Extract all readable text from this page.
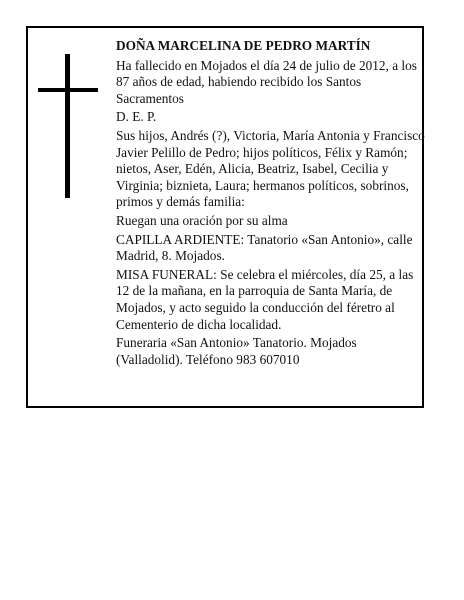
DOÑA MARCELINA DE PEDRO MARTÍN

Ha fallecido en Mojados el día 24 de julio de 2012, a los 87 años de edad, habiendo recibido los Santos Sacramentos

D. E. P.

Sus hijos, Andrés (?), Victoria, María Antonia y Francisco Javier Pelillo de Pedro; hijos políticos, Félix y Ramón; nietos, Aser, Edén, Alicia, Beatriz, Isabel, Cecilia y Virginia; biznieta, Laura; hermanos políticos, sobrinos, primos y demás familia:

Ruegan una oración por su alma

CAPILLA ARDIENTE: Tanatorio «San Antonio», calle Madrid, 8. Mojados.

MISA FUNERAL: Se celebra el miércoles, día 25, a las 12 de la mañana, en la parroquia de Santa María, de Mojados, y acto seguido la conducción del féretro al Cementerio de dicha localidad.

Funeraria «San Antonio» Tanatorio. Mojados (Valladolid). Teléfono 983 607010
